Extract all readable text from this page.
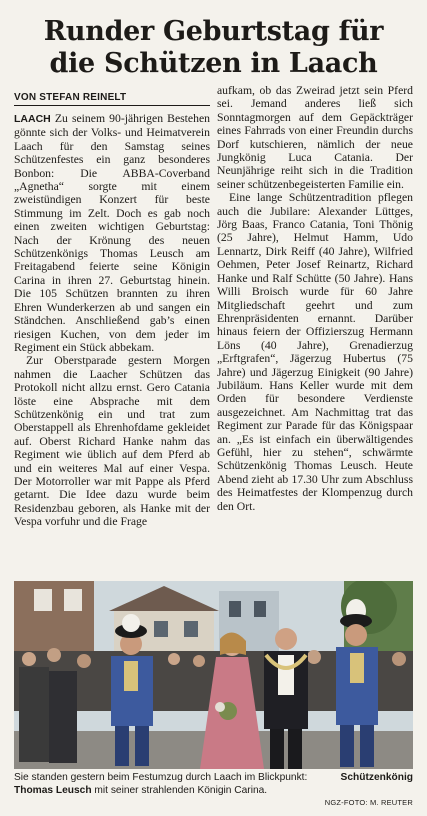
Runder Geburtstag für
die Schützen in Laach
VON STEFAN REINELT

LAACH Zu seinem 90-jährigen Bestehen gönnte sich der Volks- und Heimatverein Laach für den Samstag seines Schützenfestes ein ganz besonderes Bonbon: Die ABBA-Coverband „Agnetha“ sorgte mit einem zweistündigen Konzert für beste Stimmung im Zelt. Doch es gab noch einen zweiten wichtigen Geburtstag: Nach der Krönung des neuen Schützenkönigs Thomas Leusch am Freitagabend feierte seine Königin Carina in ihren 27. Geburtstag hinein. Die 105 Schützen brannten zu ihren Ehren Wunderkerzen ab und sangen ein Ständchen. Anschließend gab’s einen riesigen Kuchen, von dem jeder im Regiment ein Stück abbekam.

Zur Oberstparade gestern Morgen nahmen die Laacher Schützen das Protokoll nicht allzu ernst. Gero Catania löste eine Absprache mit dem Schützenkönig ein und trat zum Oberstappell als Ehrenhofdame gekleidet auf. Oberst Richard Hanke nahm das Regiment wie üblich auf dem Pferd ab und ein weiteres Mal auf einer Vespa. Der Motorroller war mit Pappe als Pferd getarnt. Die Idee dazu wurde beim Residenzbau geboren, als Hanke mit der Vespa vorfuhr und die Frage

aufkam, ob das Zweirad jetzt sein Pferd sei. Jemand anderes ließ sich Sonntagmorgen auf dem Gepäckträger eines Fahrrads von einer Freundin durchs Dorf kutschieren, nämlich der neue Jungkönig Luca Catania. Der Neunjährige reiht sich in die Tradition seiner schützenbegeisterten Familie ein.

Eine lange Schützentradition pflegen auch die Jubilare: Alexander Lüttges, Jörg Baas, Franco Catania, Toni Thönig (25 Jahre), Helmut Hamm, Udo Lennartz, Dirk Reiff (40 Jahre), Wilfried Oehmen, Peter Josef Reinartz, Richard Hanke und Ralf Schütte (50 Jahre). Hans Willi Broisch wurde für 60 Jahre Mitgliedschaft geehrt und zum Ehrenpräsidenten ernannt. Darüber hinaus feiern der Offizierszug Hermann Löns (40 Jahre), Grenadierzug „Erftgrafen“, Jägerzug Hubertus (75 Jahre) und Jägerzug Einigkeit (90 Jahre) Jubiläum. Hans Keller wurde mit dem Orden für besondere Verdienste ausgezeichnet. Am Nachmittag trat das Regiment zur Parade für das Königspaar an. „Es ist einfach ein überwältigendes Gefühl, hier zu stehen“, schwärmte Schützenkönig Thomas Leusch. Heute Abend zieht ab 17.30 Uhr zum Abschluss des Heimatfestes der Klompenzug durch den Ort.

Sie standen gestern beim Festumzug durch Laach im Blickpunkt:	Schützenkönig
Thomas Leusch mit seiner strahlenden Königin Carina.
NGZ-FOTO: M. REUTER
